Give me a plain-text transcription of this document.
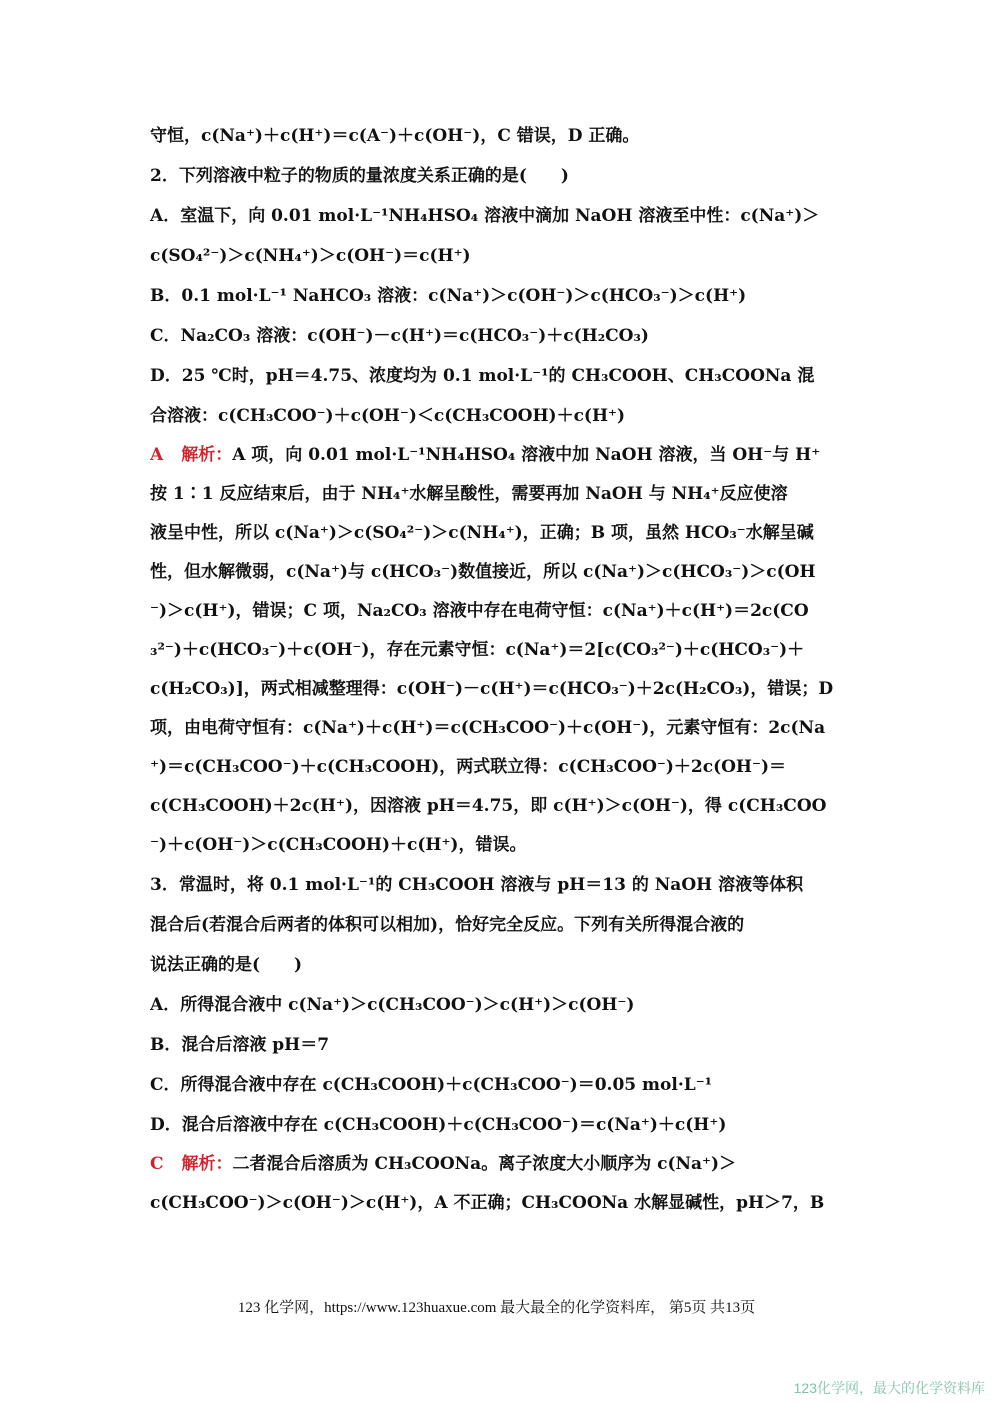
守恒，c(Na⁺)＋c(H⁺)＝c(A⁻)＋c(OH⁻)，C 错误，D 正确。
2．下列溶液中粒子的物质的量浓度关系正确的是(　　)
A．室温下，向 0.01 mol·L⁻¹NH₄HSO₄ 溶液中滴加 NaOH 溶液至中性：c(Na⁺)＞
c(SO₄²⁻)＞c(NH₄⁺)＞c(OH⁻)＝c(H⁺)
B．0.1 mol·L⁻¹ NaHCO₃ 溶液：c(Na⁺)＞c(OH⁻)＞c(HCO₃⁻)＞c(H⁺)
C．Na₂CO₃ 溶液：c(OH⁻)－c(H⁺)＝c(HCO₃⁻)＋c(H₂CO₃)
D．25 ℃时，pH＝4.75、浓度均为 0.1 mol·L⁻¹的 CH₃COOH、CH₃COONa 混
合溶液：c(CH₃COO⁻)＋c(OH⁻)＜c(CH₃COOH)＋c(H⁺)
A 解析：A 项，向 0.01 mol·L⁻¹NH₄HSO₄ 溶液中加 NaOH 溶液，当 OH⁻与 H⁺
按 1∶1 反应结束后，由于 NH₄⁺水解呈酸性，需要再加 NaOH 与 NH₄⁺反应使溶
液呈中性，所以 c(Na⁺)＞c(SO₄²⁻)＞c(NH₄⁺)，正确；B 项，虽然 HCO₃⁻水解呈碱
性，但水解微弱，c(Na⁺)与 c(HCO₃⁻)数值接近，所以 c(Na⁺)＞c(HCO₃⁻)＞c(OH
⁻)＞c(H⁺)，错误；C 项，Na₂CO₃ 溶液中存在电荷守恒：c(Na⁺)＋c(H⁺)＝2c(CO
₃²⁻)＋c(HCO₃⁻)＋c(OH⁻)，存在元素守恒：c(Na⁺)＝2[c(CO₃²⁻)＋c(HCO₃⁻)＋
c(H₂CO₃)]，两式相减整理得：c(OH⁻)－c(H⁺)＝c(HCO₃⁻)＋2c(H₂CO₃)，错误；D
项，由电荷守恒有：c(Na⁺)＋c(H⁺)＝c(CH₃COO⁻)＋c(OH⁻)，元素守恒有：2c(Na
⁺)＝c(CH₃COO⁻)＋c(CH₃COOH)，两式联立得：c(CH₃COO⁻)＋2c(OH⁻)＝
c(CH₃COOH)＋2c(H⁺)，因溶液 pH＝4.75，即 c(H⁺)＞c(OH⁻)，得 c(CH₃COO
⁻)＋c(OH⁻)＞c(CH₃COOH)＋c(H⁺)，错误。
3．常温时，将 0.1 mol·L⁻¹的 CH₃COOH 溶液与 pH＝13 的 NaOH 溶液等体积
混合后(若混合后两者的体积可以相加)，恰好完全反应。下列有关所得混合液的
说法正确的是(　　)
A．所得混合液中 c(Na⁺)＞c(CH₃COO⁻)＞c(H⁺)＞c(OH⁻)
B．混合后溶液 pH＝7
C．所得混合液中存在 c(CH₃COOH)＋c(CH₃COO⁻)＝0.05 mol·L⁻¹
D．混合后溶液中存在 c(CH₃COOH)＋c(CH₃COO⁻)＝c(Na⁺)＋c(H⁺)
C 解析：二者混合后溶质为 CH₃COONa。离子浓度大小顺序为 c(Na⁺)＞
c(CH₃COO⁻)＞c(OH⁻)＞c(H⁺)，A 不正确；CH₃COONa 水解显碱性，pH＞7，B
123 化学网，https://www.123huaxue.com 最大最全的化学资料库， 第5页 共13页
123化学网，最大的化学资料库
